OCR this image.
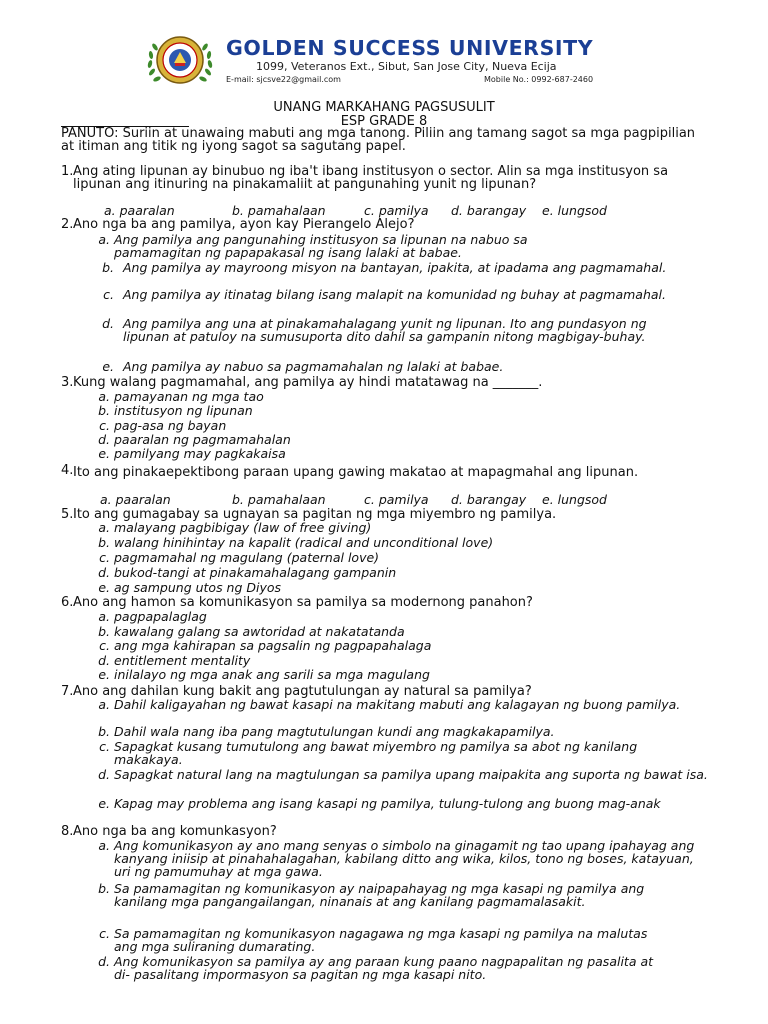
GOLDEN SUCCESS UNIVERSITY
1099, Veteranos Ext., Sibut, San Jose City, Nueva Ecija
E-mail: sjcsve22@gmail.com	Mobile No.: 0992-687-2460
UNANG MARKAHANG PAGSUSULIT
ESP GRADE 8
PANUTO: Suriin at unawaing mabuti ang mga tanong. Piliin ang tamang sagot sa mga pagpipilian at itiman ang titik ng iyong sagot sa sagutang papel.
1. Ang ating lipunan ay binubuo ng iba't ibang institusyon o sector. Alin sa mga institusyon sa lipunan ang itinuring na pinakamaliit at pangunahing yunit ng lipunan?
a. paaralan	b. pamahalaan	c. pamilya d. barangay e. lungsod
2. Ano nga ba ang pamilya, ayon kay Pierangelo Alejo?
a. Ang pamilya ang pangunahing institusyon sa lipunan na nabuo sa pamamagitan ng papapakasal ng isang lalaki at babae.
b. Ang pamilya ay mayroong misyon na bantayan, ipakita, at ipadama ang pagmamahal.
c. Ang pamilya ay itinatag bilang isang malapit na komunidad ng buhay at pagmamahal.
d. Ang pamilya ang una at pinakamahalagang yunit ng lipunan. Ito ang pundasyon ng lipunan at patuloy na sumusuporta dito dahil sa gampanin nitong magbigay-buhay.
e. Ang pamilya ay nabuo sa pagmamahalan ng lalaki at babae.
3. Kung walang pagmamahal, ang pamilya ay hindi matatawag na _______.
a. pamayanan ng mga tao
b. institusyon ng lipunan
c. pag-asa ng bayan
d. paaralan ng pagmamahalan
e. pamilyang may pagkakaisa
4. Ito ang pinakaepektibong paraan upang gawing makatao at mapagmahal ang lipunan.
a. paaralan	b. pamahalaan	c. pamilya d. barangay e. lungsod
5. Ito ang gumagabay sa ugnayan sa pagitan ng mga miyembro ng pamilya.
a. malayang pagbibigay (law of free giving)
b. walang hinihintay na kapalit (radical and unconditional love)
c. pagmamahal ng magulang (paternal love)
d. bukod-tangi at pinakamahalagang gampanin
e. ag sampung utos ng Diyos
6. Ano ang hamon sa komunikasyon sa pamilya sa modernong panahon?
a. pagpapalaglag
b. kawalang galang sa awtoridad at nakatatanda
c. ang mga kahirapan sa pagsalin ng pagpapahalaga
d. entitlement mentality
e. inilalayo ng mga anak ang sarili sa mga magulang
7. Ano ang dahilan kung bakit ang pagtutulungan ay natural sa pamilya?
a. Dahil kaligayahan ng bawat kasapi na makitang mabuti ang kalagayan ng buong pamilya.
b. Dahil wala nang iba pang magtutulungan kundi ang magkakapamilya.
c. Sapagkat kusang tumutulong ang bawat miyembro ng pamilya sa abot ng kanilang makakaya.
d. Sapagkat natural lang na magtulungan sa pamilya upang maipakita ang suporta ng bawat isa.
e. Kapag may problema ang isang kasapi ng pamilya, tulung-tulong ang buong mag-anak
8. Ano nga ba ang komunkasyon?
a. Ang komunikasyon ay ano mang senyas o simbolo na ginagamit ng tao upang ipahayag ang kanyang iniisip at pinahahalagahan, kabilang ditto ang wika, kilos, tono ng boses, katayuan, uri ng pamumuhay at mga gawa.
b. Sa pamamagitan ng komunikasyon ay naipapahayag ng mga kasapi ng pamilya ang kanilang mga pangangailangan, ninanais at ang kanilang pagmamalasakit.
c. Sa pamamagitan ng komunikasyon nagagawa ng mga kasapi ng pamilya na malutas ang mga suliraning dumarating.
d. Ang komunikasyon sa pamilya ay ang paraan kung paano nagpapalitan ng pasalita at di- pasalitang impormasyon sa pagitan ng mga kasapi nito.
